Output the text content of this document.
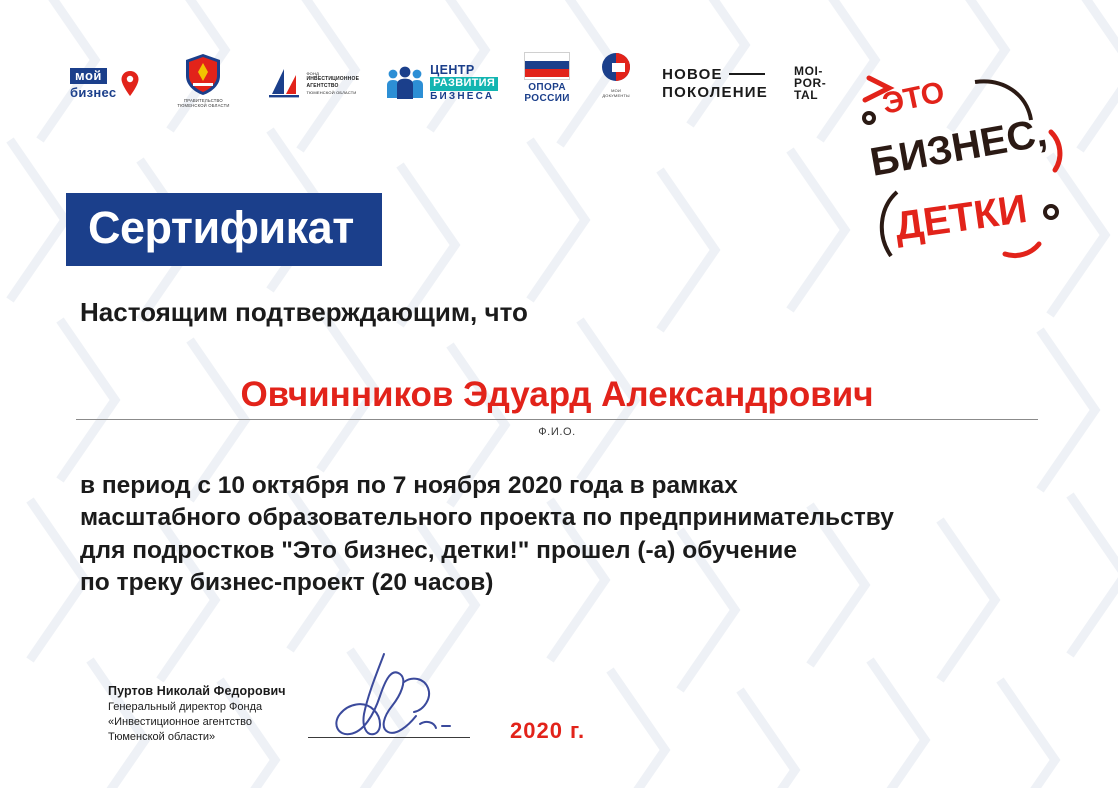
мой
бизнес
ПРАВИТЕЛЬСТВО
ТЮМЕНСКОЙ ОБЛАСТИ
ФОНД
ИНВЕСТИЦИОННОЕ
АГЕНТСТВО
ТЮМЕНСКОЙ ОБЛАСТИ
ЦЕНТР
РАЗВИТИЯ
БИЗНЕСА
ОПОРА
РОССИИ
МОИ
ДОКУМЕНТЫ
НОВОЕ
ПОКОЛЕНИЕ
MOI-
POR-
TAL ЭТО
БИЗНЕС,
ДЕТКИ
Сертификат
Настоящим подтверждающим, что
Овчинников Эдуард Александрович
Ф.И.О.
в период с 10 октября по 7 ноября 2020 года в рамках
масштабного образовательного проекта по предпринимательству
для подростков "Это бизнес, детки!" прошел (-а) обучение
по треку бизнес-проект (20 часов)
Пуртов Николай Федорович
Генеральный директор Фонда
«Инвестиционное агентство
Тюменской области»	2020 г.
